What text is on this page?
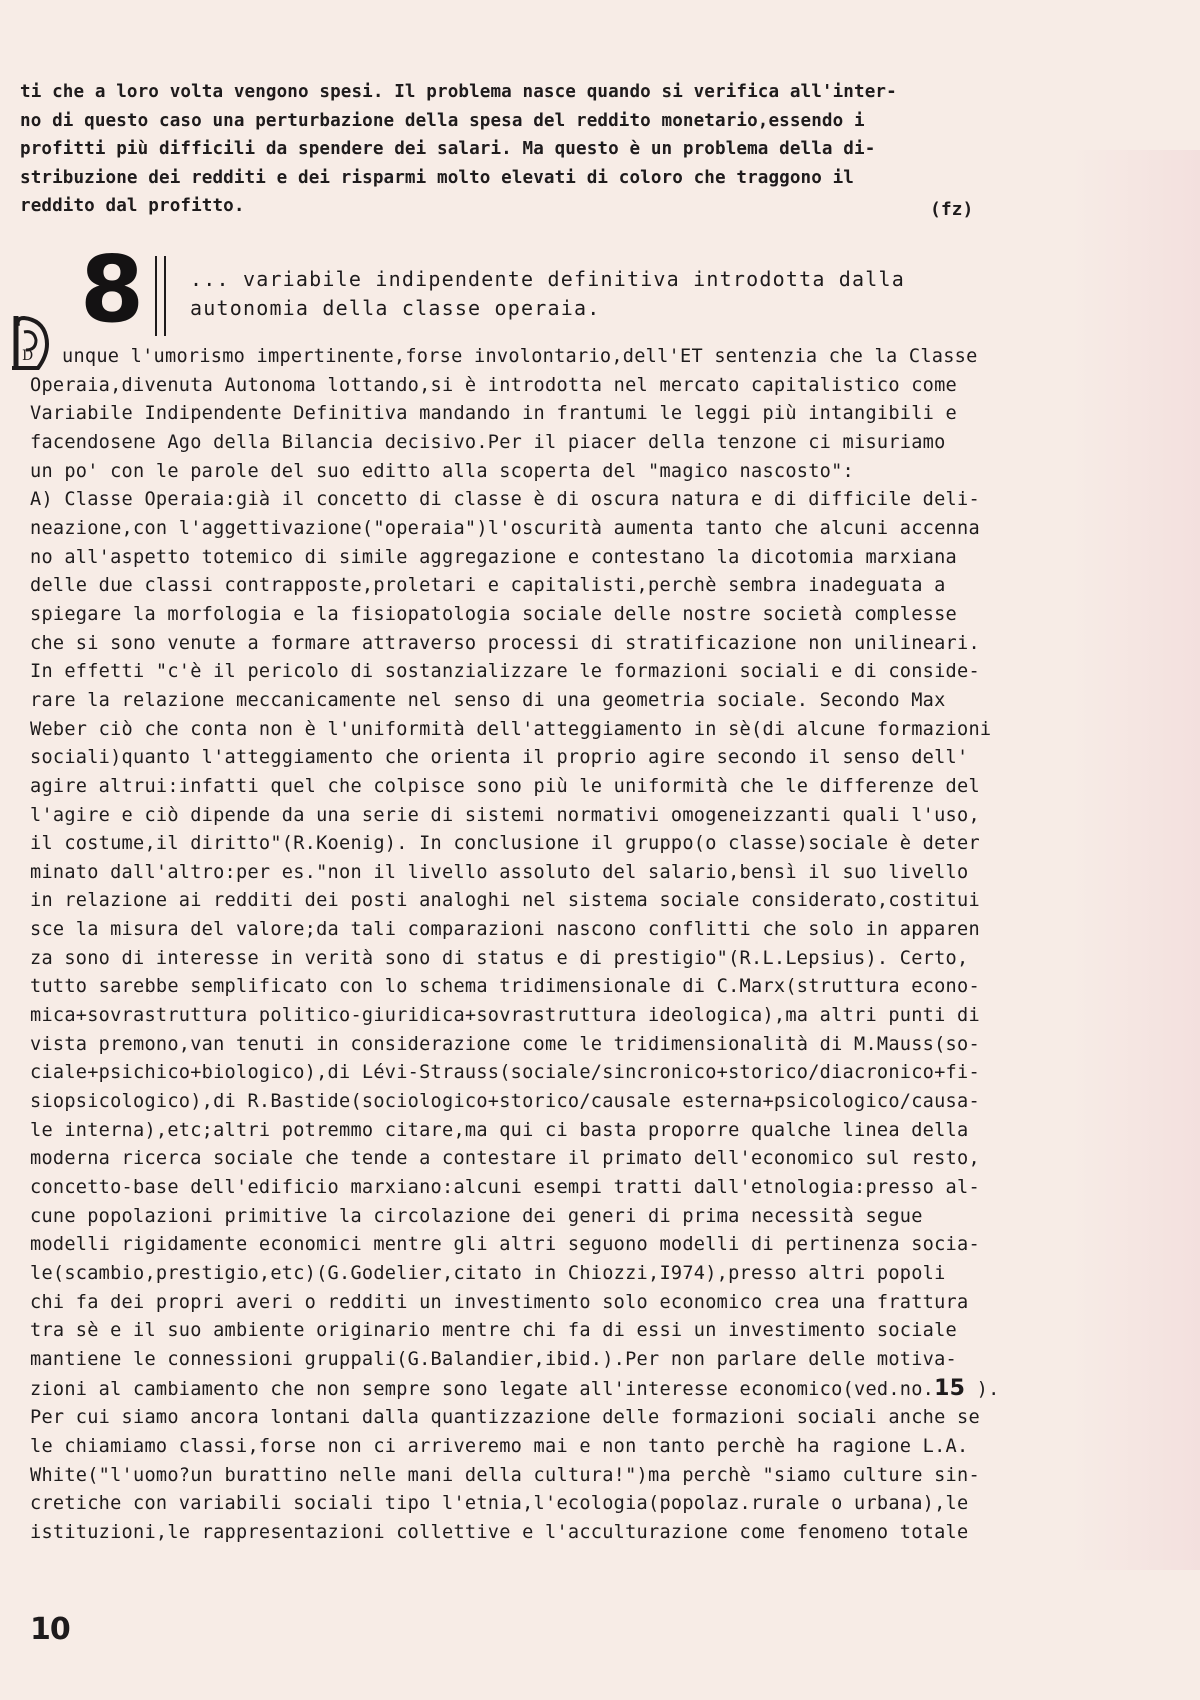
ti che a loro volta vengono spesi. Il problema nasce quando si verifica all'inter-
no di questo caso una perturbazione della spesa del reddito monetario,essendo i
profitti più difficili da spendere dei salari. Ma questo è un problema della di-
stribuzione dei redditi e dei risparmi molto elevati di coloro che traggono il
reddito dal profitto.	(fz)
8 ... variabile indipendente definitiva introdotta dalla
autonomia della classe operaia.
D	unque l'umorismo impertinente,forse involontario,dell'ET sentenzia che la Classe
Operaia,divenuta Autonoma lottando,si è introdotta nel mercato capitalistico come
Variabile Indipendente Definitiva mandando in frantumi le leggi più intangibili e
facendosene Ago della Bilancia decisivo.Per il piacer della tenzone ci misuriamo
un po' con le parole del suo editto alla scoperta del "magico nascosto":
A) Classe Operaia:già il concetto di classe è di oscura natura e di difficile deli-
neazione,con l'aggettivazione("operaia")l'oscurità aumenta tanto che alcuni accenna
no all'aspetto totemico di simile aggregazione e contestano la dicotomia marxiana
delle due classi contrapposte,proletari e capitalisti,perchè sembra inadeguata a
spiegare la morfologia e la fisiopatologia sociale delle nostre società complesse
che si sono venute a formare attraverso processi di stratificazione non unilineari.
In effetti "c'è il pericolo di sostanzializzare le formazioni sociali e di conside-
rare la relazione meccanicamente nel senso di una geometria sociale. Secondo Max
Weber ciò che conta non è l'uniformità dell'atteggiamento in sè(di alcune formazioni
sociali)quanto l'atteggiamento che orienta il proprio agire secondo il senso dell'
agire altrui:infatti quel che colpisce sono più le uniformità che le differenze del
l'agire e ciò dipende da una serie di sistemi normativi omogeneizzanti quali l'uso,
il costume,il diritto"(R.Koenig). In conclusione il gruppo(o classe)sociale è deter
minato dall'altro:per es."non il livello assoluto del salario,bensì il suo livello
in relazione ai redditi dei posti analoghi nel sistema sociale considerato,costitui
sce la misura del valore;da tali comparazioni nascono conflitti che solo in apparen
za sono di interesse in verità sono di status e di prestigio"(R.L.Lepsius). Certo,
tutto sarebbe semplificato con lo schema tridimensionale di C.Marx(struttura econo-
mica+sovrastruttura politico-giuridica+sovrastruttura ideologica),ma altri punti di
vista premono,van tenuti in considerazione come le tridimensionalità di M.Mauss(so-
ciale+psichico+biologico),di Lévi-Strauss(sociale/sincronico+storico/diacronico+fi-
siopsicologico),di R.Bastide(sociologico+storico/causale esterna+psicologico/causa-
le interna),etc;altri potremmo citare,ma qui ci basta proporre qualche linea della
moderna ricerca sociale che tende a contestare il primato dell'economico sul resto,
concetto-base dell'edificio marxiano:alcuni esempi tratti dall'etnologia:presso al-
cune popolazioni primitive la circolazione dei generi di prima necessità segue
modelli rigidamente economici mentre gli altri seguono modelli di pertinenza socia-
le(scambio,prestigio,etc)(G.Godelier,citato in Chiozzi,I974),presso altri popoli
chi fa dei propri averi o redditi un investimento solo economico crea una frattura
tra sè e il suo ambiente originario mentre chi fa di essi un investimento sociale
mantiene le connessioni gruppali(G.Balandier,ibid.).Per non parlare delle motiva-
zioni al cambiamento che non sempre sono legate all'interesse economico(ved.no.15 ).
Per cui siamo ancora lontani dalla quantizzazione delle formazioni sociali anche se
le chiamiamo classi,forse non ci arriveremo mai e non tanto perchè ha ragione L.A.
White("l'uomo?un burattino nelle mani della cultura!")ma perchè "siamo culture sin-
cretiche con variabili sociali tipo l'etnia,l'ecologia(popolaz.rurale o urbana),le
istituzioni,le rappresentazioni collettive e l'acculturazione come fenomeno totale
10
